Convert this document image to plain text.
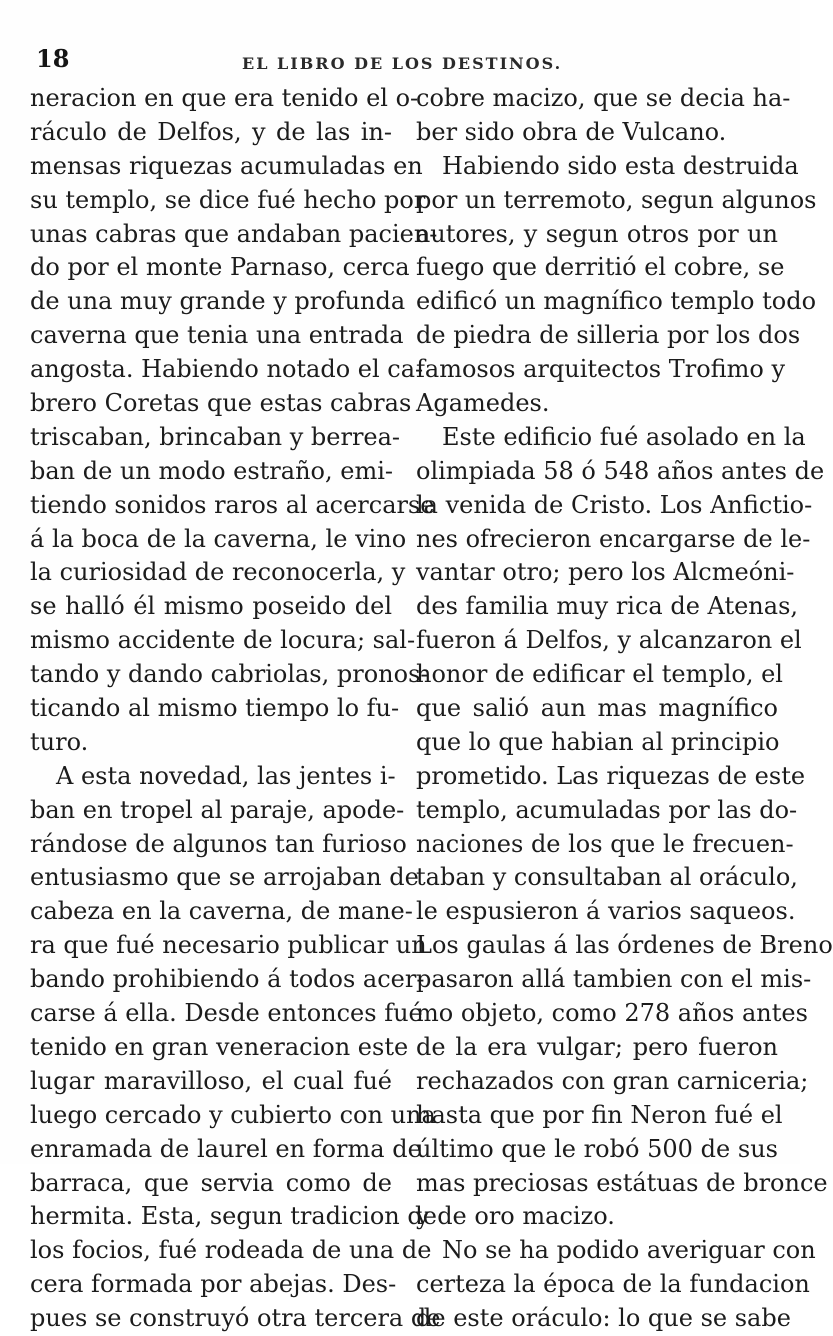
18	EL LIBRO DE LOS DESTINOS.
neracion en que era tenido el o-
ráculo de Delfos, y de las in-
mensas riquezas acumuladas en
su templo, se dice fué hecho por
unas cabras que andaban pacien-
do por el monte Parnaso, cerca
de una muy grande y profunda
caverna que tenia una entrada
angosta. Habiendo notado el ca-
brero Coretas que estas cabras
triscaban, brincaban y berrea-
ban de un modo estraño, emi-
tiendo sonidos raros al acercarse
á la boca de la caverna, le vino
la curiosidad de reconocerla, y
se halló él mismo poseido del
mismo accidente de locura; sal-
tando y dando cabriolas, pronos-
ticando al mismo tiempo lo fu-
turo.
A esta novedad, las jentes i-
ban en tropel al paraje, apode-
rándose de algunos tan furioso
entusiasmo que se arrojaban de
cabeza en la caverna, de mane-
ra que fué necesario publicar un
bando prohibiendo á todos acer-
carse á ella. Desde entonces fué
tenido en gran veneracion este
lugar maravilloso, el cual fué
luego cercado y cubierto con una
enramada de laurel en forma de
barraca, que servia como de
hermita. Esta, segun tradicion de
los focios, fué rodeada de una de
cera formada por abejas. Des-
pues se construyó otra tercera de
cobre macizo, que se decia ha-
ber sido obra de Vulcano.
Habiendo sido esta destruida
por un terremoto, segun algunos
autores, y segun otros por un
fuego que derritió el cobre, se
edificó un magnífico templo todo
de piedra de silleria por los dos
famosos arquitectos Trofimo y
Agamedes.
Este edificio fué asolado en la
olimpiada 58 ó 548 años antes de
la venida de Cristo. Los Anfictio-
nes ofrecieron encargarse de le-
vantar otro; pero los Alcmeóni-
des familia muy rica de Atenas,
fueron á Delfos, y alcanzaron el
honor de edificar el templo, el
que salió aun mas magnífico
que lo que habian al principio
prometido. Las riquezas de este
templo, acumuladas por las do-
naciones de los que le frecuen-
taban y consultaban al oráculo,
le espusieron á varios saqueos.
Los gaulas á las órdenes de Breno
pasaron allá tambien con el mis-
mo objeto, como 278 años antes
de la era vulgar; pero fueron
rechazados con gran carniceria;
hasta que por fin Neron fué el
último que le robó 500 de sus
mas preciosas estátuas de bronce
y de oro macizo.
No se ha podido averiguar con
certeza la época de la fundacion
de este oráculo: lo que se sabe
